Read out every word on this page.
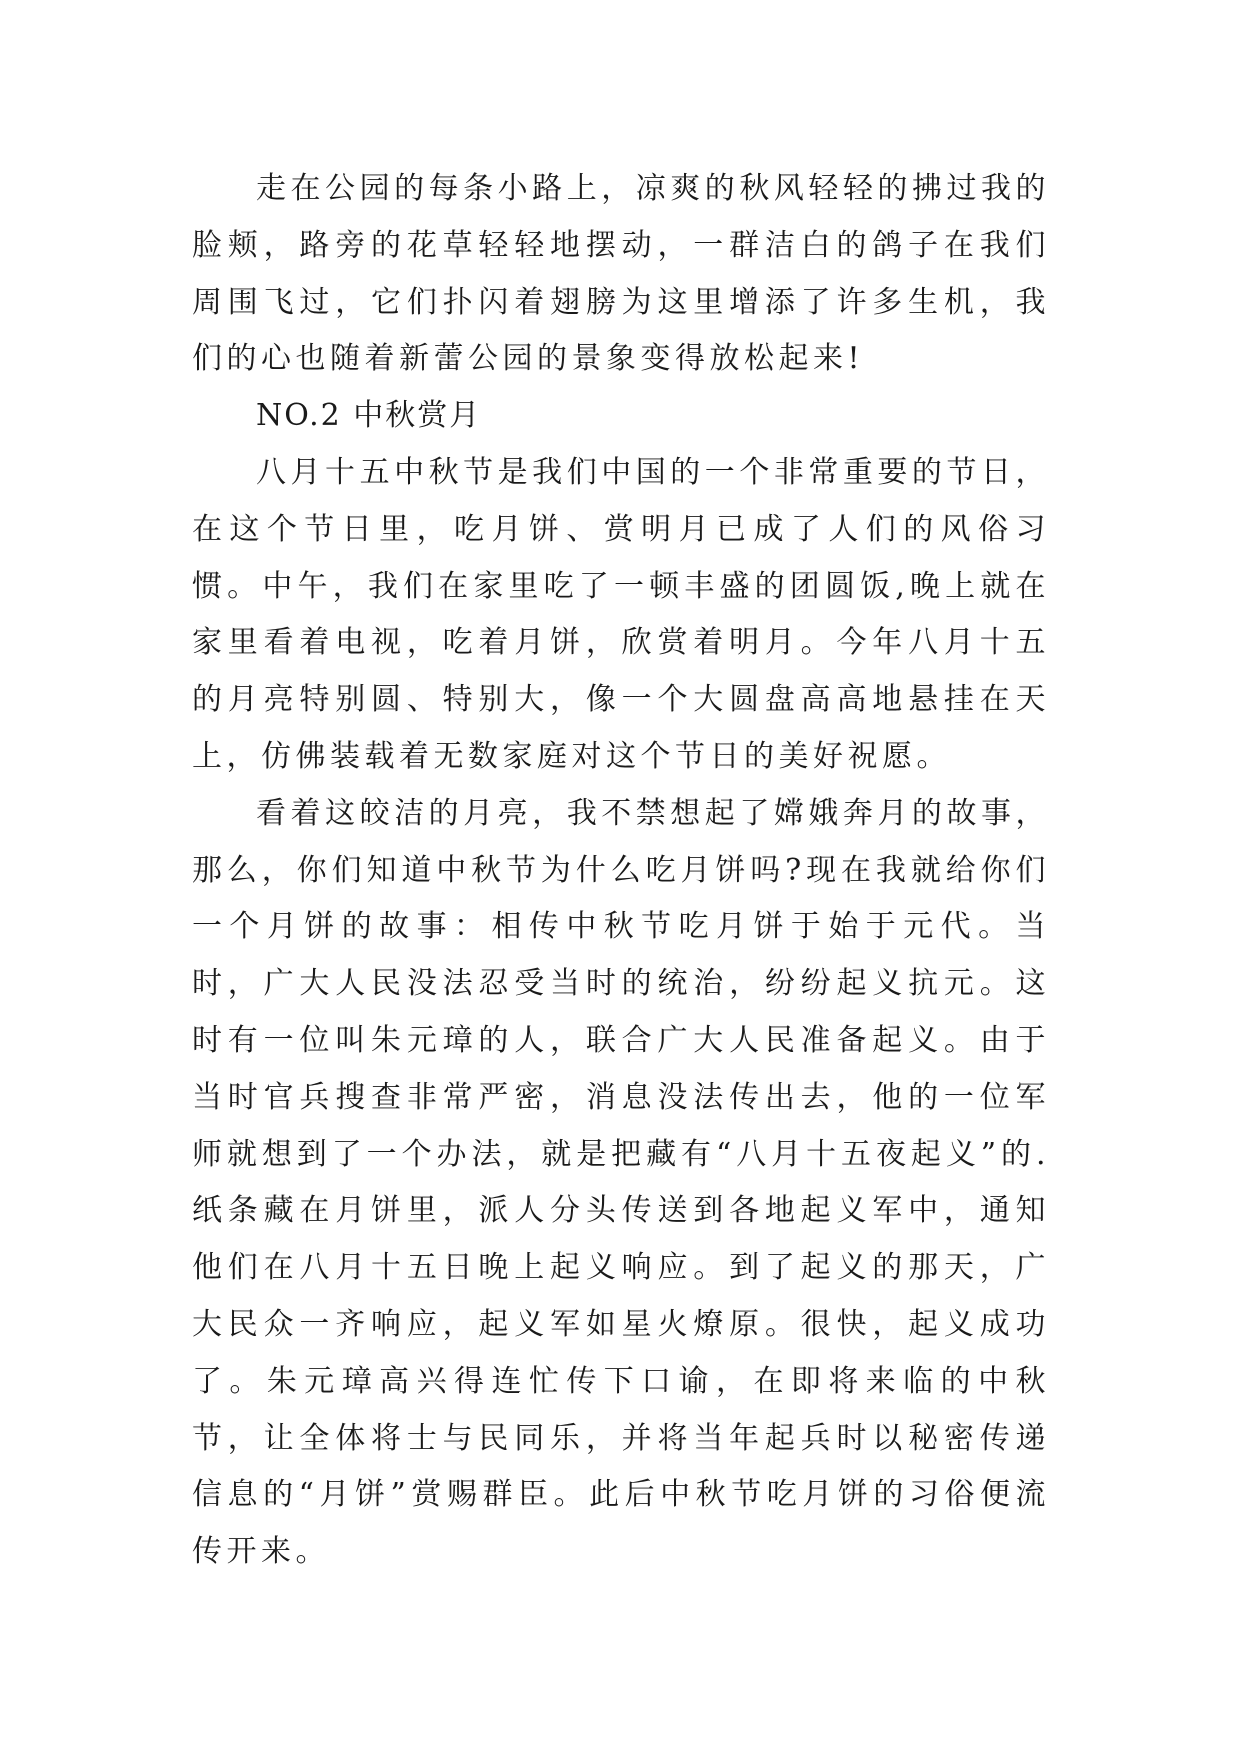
走在公园的每条小路上，凉爽的秋风轻轻的拂过我的脸颊，路旁的花草轻轻地摆动，一群洁白的鸽子在我们周围飞过，它们扑闪着翅膀为这里增添了许多生机，我们的心也随着新蕾公园的景象变得放松起来!

NO.2 中秋赏月

八月十五中秋节是我们中国的一个非常重要的节日，在这个节日里，吃月饼、赏明月已成了人们的风俗习惯。中午，我们在家里吃了一顿丰盛的团圆饭,晚上就在家里看着电视，吃着月饼，欣赏着明月。今年八月十五的月亮特别圆、特别大，像一个大圆盘高高地悬挂在天上，仿佛装载着无数家庭对这个节日的美好祝愿。

看着这皎洁的月亮，我不禁想起了嫦娥奔月的故事，那么，你们知道中秋节为什么吃月饼吗?现在我就给你们一个月饼的故事：相传中秋节吃月饼于始于元代。当时，广大人民没法忍受当时的统治，纷纷起义抗元。这时有一位叫朱元璋的人，联合广大人民准备起义。由于当时官兵搜查非常严密，消息没法传出去，他的一位军师就想到了一个办法，就是把藏有“八月十五夜起义”的.纸条藏在月饼里，派人分头传送到各地起义军中，通知他们在八月十五日晚上起义响应。到了起义的那天，广大民众一齐响应，起义军如星火燎原。很快，起义成功了。朱元璋高兴得连忙传下口谕，在即将来临的中秋节，让全体将士与民同乐，并将当年起兵时以秘密传递信息的“月饼”赏赐群臣。此后中秋节吃月饼的习俗便流传开来。
